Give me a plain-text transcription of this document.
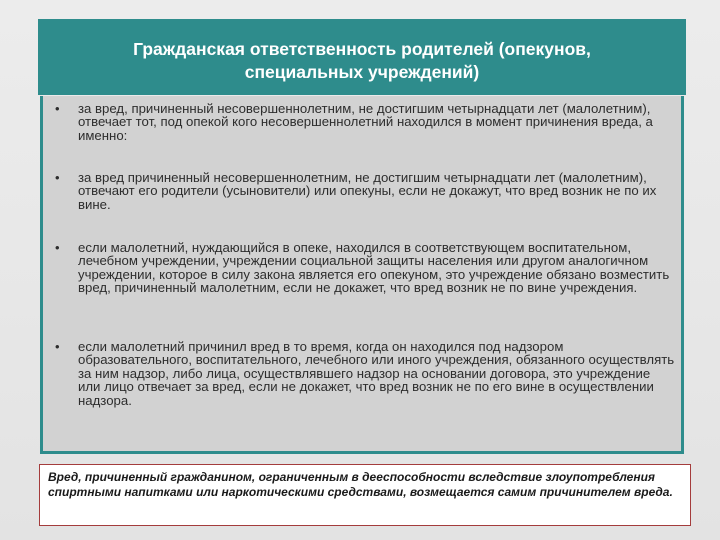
Гражданская ответственность родителей (опекунов, специальных учреждений)
• за вред, причиненный несовершеннолетним, не достигшим четырнадцати лет (малолетним), отвечает тот, под опекой кого несовершеннолетний находился в момент причинения вреда, а именно:
• за вред причиненный несовершеннолетним, не достигшим четырнадцати лет (малолетним), отвечают его родители (усыновители) или опекуны, если не докажут, что вред возник не по их вине.
• если малолетний, нуждающийся в опеке, находился в соответствующем воспитательном, лечебном учреждении, учреждении социальной защиты населения или другом аналогичном учреждении, которое в силу закона является его опекуном, это учреждение обязано возместить вред, причиненный малолетним, если не докажет, что вред возник не по вине учреждения.
• если малолетний причинил вред в то время, когда он находился под надзором образовательного, воспитательного, лечебного или иного учреждения, обязанного осуществлять за ним надзор, либо лица, осуществлявшего надзор на основании договора, это учреждение или лицо отвечает за вред, если не докажет, что вред возник не по его вине в осуществлении надзора.
Вред, причиненный гражданином, ограниченным в дееспособности вследствие злоупотребления спиртными напитками или наркотическими средствами, возмещается самим причинителем вреда.
